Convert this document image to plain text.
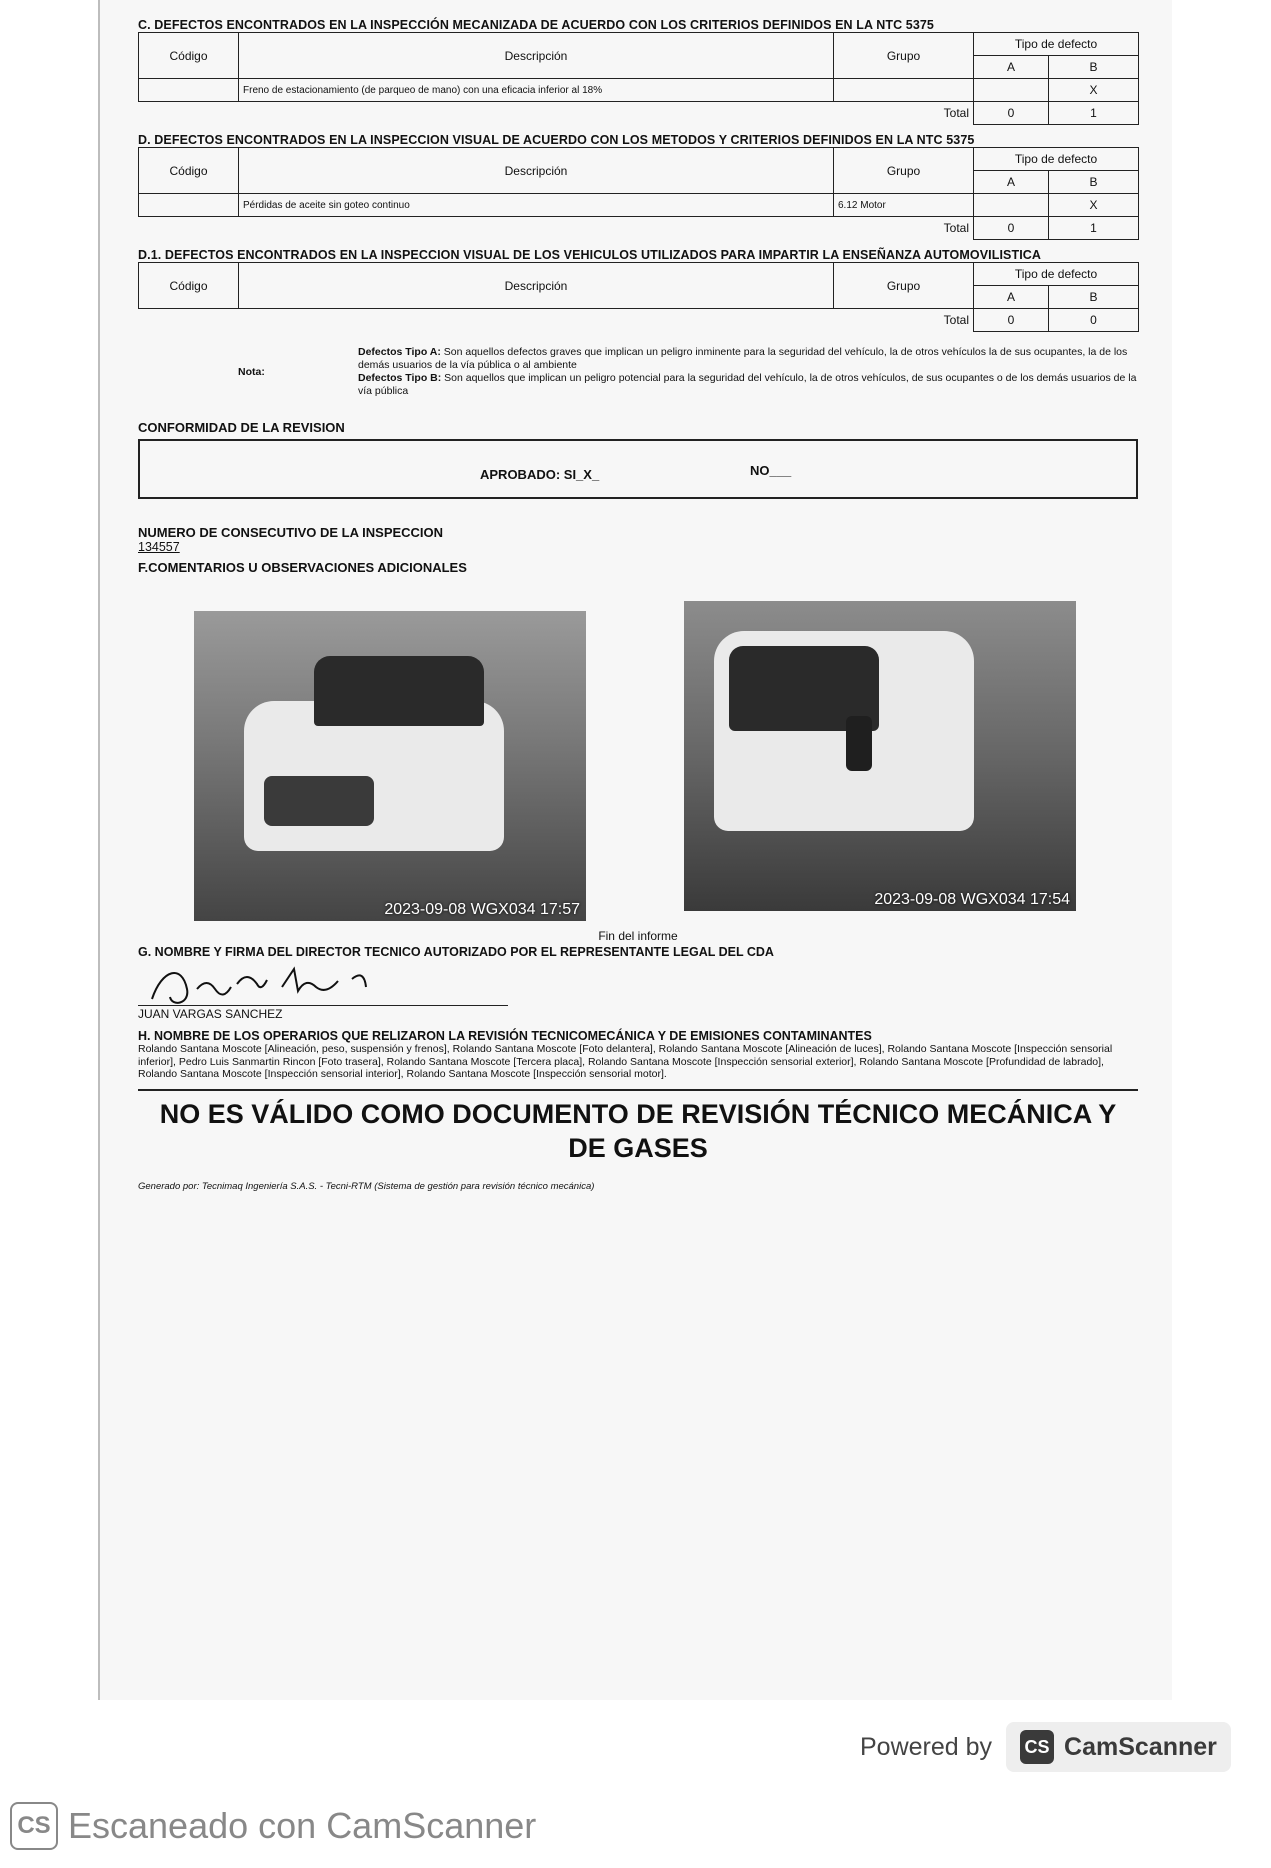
C. DEFECTOS ENCONTRADOS EN LA INSPECCIÓN MECANIZADA DE ACUERDO CON LOS CRITERIOS DEFINIDOS EN LA NTC 5375
Código	Descripción	Grupo	Tipo de defecto	
			A	B
	Freno de estacionamiento (de parqueo de mano) con una eficacia inferior al 18%			X
Total			0	1
D. DEFECTOS ENCONTRADOS EN LA INSPECCION VISUAL DE ACUERDO CON LOS METODOS Y CRITERIOS DEFINIDOS EN LA NTC 5375
Código	Descripción	Grupo	Tipo de defecto	
			A	B
	Pérdidas de aceite sin goteo continuo	6.12 Motor		X
Total			0	1
D.1. DEFECTOS ENCONTRADOS EN LA INSPECCION VISUAL DE LOS VEHICULOS UTILIZADOS PARA IMPARTIR LA ENSEÑANZA AUTOMOVILISTICA
Código	Descripción	Grupo	Tipo de defecto	
			A	B
Total			0	0
Nota:
Defectos Tipo A: Son aquellos defectos graves que implican un peligro inminente para la seguridad del vehículo, la de otros vehículos la de sus ocupantes, la de los demás usuarios de la vía pública o al ambiente
Defectos Tipo B: Son aquellos que implican un peligro potencial para la seguridad del vehículo, la de otros vehículos, de sus ocupantes o de los demás usuarios de la vía pública
CONFORMIDAD DE LA REVISION
APROBADO: SI_X_	NO___
NUMERO DE CONSECUTIVO DE LA INSPECCION
134557
F.COMENTARIOS U OBSERVACIONES ADICIONALES
2023-09-08 WGX034 17:57
2023-09-08 WGX034 17:54
Fin del informe
G. NOMBRE Y FIRMA DEL DIRECTOR TECNICO AUTORIZADO POR EL REPRESENTANTE LEGAL DEL CDA
JUAN VARGAS SANCHEZ
H. NOMBRE DE LOS OPERARIOS QUE RELIZARON LA REVISIÓN TECNICOMECÁNICA Y DE EMISIONES CONTAMINANTES
Rolando Santana Moscote [Alineación, peso, suspensión y frenos], Rolando Santana Moscote [Foto delantera], Rolando Santana Moscote [Alineación de luces], Rolando Santana Moscote [Inspección sensorial inferior], Pedro Luis Sanmartin Rincon [Foto trasera], Rolando Santana Moscote [Tercera placa], Rolando Santana Moscote [Inspección sensorial exterior], Rolando Santana Moscote [Profundidad de labrado], Rolando Santana Moscote [Inspección sensorial interior], Rolando Santana Moscote [Inspección sensorial motor].
NO ES VÁLIDO COMO DOCUMENTO DE REVISIÓN TÉCNICO MECÁNICA Y DE GASES
Generado por: Tecnimaq Ingeniería S.A.S. - Tecni-RTM (Sistema de gestión para revisión técnico mecánica)
Powered by CS CamScanner
CS Escaneado con CamScanner
